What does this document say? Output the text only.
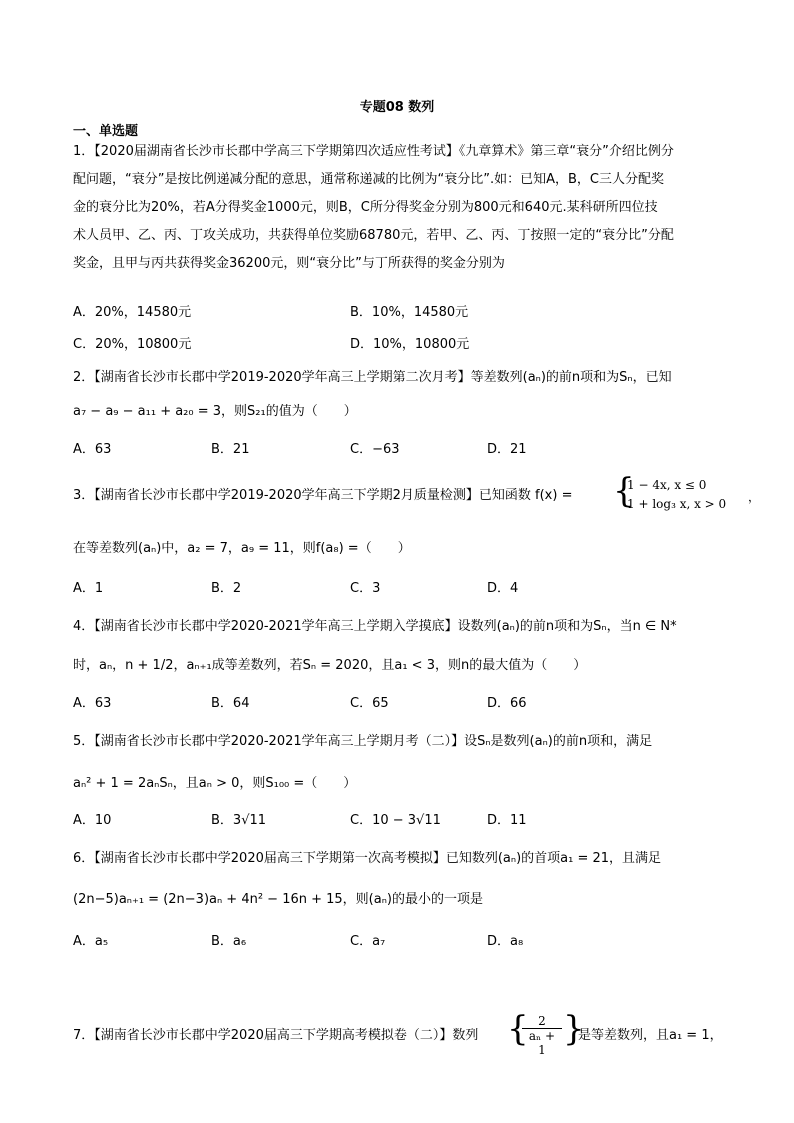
专题08 数列
一、单选题
1．【2020届湖南省长沙市长郡中学高三下学期第四次适应性考试】《九章算术》第三章“衰分”介绍比例分
配问题，“衰分”是按比例递减分配的意思，通常称递减的比例为“衰分比”.如：已知A，B，C三人分配奖
金的衰分比为20%，若A分得奖金1000元，则B，C所分得奖金分别为800元和640元.某科研所四位技
术人员甲、乙、丙、丁攻关成功，共获得单位奖励68780元，若甲、乙、丙、丁按照一定的“衰分比”分配
奖金，且甲与丙共获得奖金36200元，则“衰分比”与丁所获得的奖金分别为
A．20%，14580元	B．10%，14580元
C．20%，10800元	D．10%，10800元
2．【湖南省长沙市长郡中学2019-2020学年高三上学期第二次月考】等差数列(aₙ)的前n项和为Sₙ，已知
a₇ − a₉ − a₁₁ + a₂₀ = 3，则S₂₁的值为（　　）
A．63	B．21	C．−63	D．21
3．【湖南省长沙市长郡中学2019-2020学年高三下学期2月质量检测】已知函数 f(x) = {
1 − 4x, x ≤ 0
1 + log₃ x, x > 0 ，
在等差数列(aₙ)中，a₂ = 7，a₉ = 11，则f(a₈) =（　　）
A．1	B．2	C．3	D．4
4．【湖南省长沙市长郡中学2020-2021学年高三上学期入学摸底】设数列(aₙ)的前n项和为Sₙ，当n ∈ N*
时，aₙ，n + 1/2，aₙ₊₁成等差数列，若Sₙ = 2020，且a₁ < 3，则n的最大值为（　　）
A．63	B．64	C．65	D．66
5．【湖南省长沙市长郡中学2020-2021学年高三上学期月考（二）】设Sₙ是数列(aₙ)的前n项和，满足
aₙ² + 1 = 2aₙSₙ，且aₙ > 0，则S₁₀₀ =（　　）
A．10	B．3√11	C．10 − 3√11	D．11
6．【湖南省长沙市长郡中学2020届高三下学期第一次高考模拟】已知数列(aₙ)的首项a₁ = 21，且满足
(2n−5)aₙ₊₁ = (2n−3)aₙ + 4n² − 16n + 15，则(aₙ)的最小的一项是
A．a₅	B．a₆	C．a₇	D．a₈
7．【湖南省长沙市长郡中学2020届高三下学期高考模拟卷（二）】数列 {
$\frac{2}{\text{aₙ + 1}}$ }
是等差数列，且a₁ = 1，
